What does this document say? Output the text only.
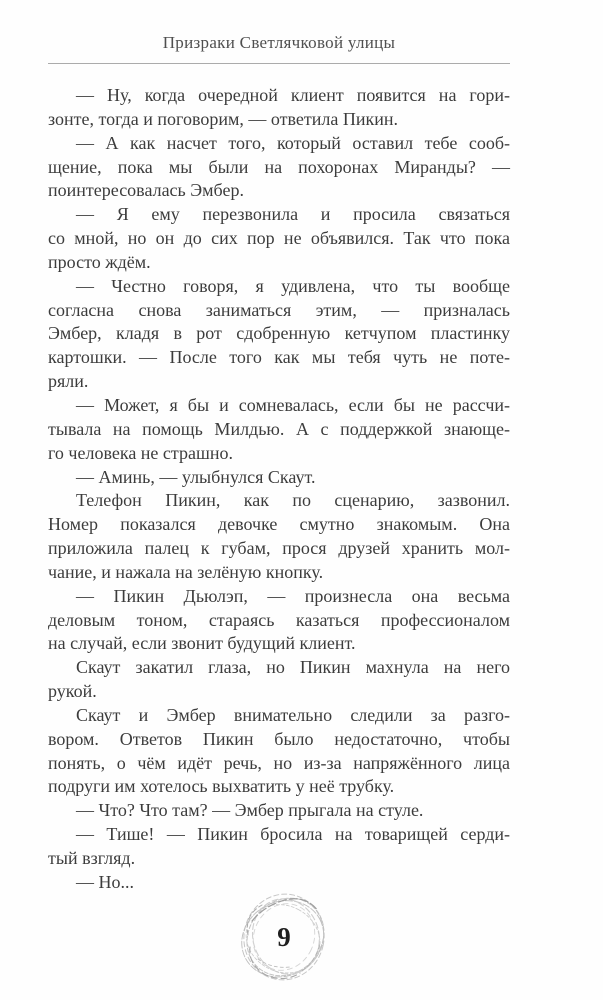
Призраки Светлячковой улицы
— Ну, когда очередной клиент появится на гори-
зонте, тогда и поговорим, — ответила Пикин.
— А как насчет того, который оставил тебе сооб-
щение, пока мы были на похоронах Миранды? —
поинтересовалась Эмбер.
— Я ему перезвонила и просила связаться
со мной, но он до сих пор не объявился. Так что пока
просто ждём.
— Честно говоря, я удивлена, что ты вообще
согласна снова заниматься этим, — призналась
Эмбер, кладя в рот сдобренную кетчупом пластинку
картошки. — После того как мы тебя чуть не поте-
ряли.
— Может, я бы и сомневалась, если бы не рассчи-
тывала на помощь Милдью. А с поддержкой знающе-
го человека не страшно.
— Аминь, — улыбнулся Скаут.
Телефон Пикин, как по сценарию, зазвонил.
Номер показался девочке смутно знакомым. Она
приложила палец к губам, прося друзей хранить мол-
чание, и нажала на зелёную кнопку.
— Пикин Дьюлэп, — произнесла она весьма
деловым тоном, стараясь казаться профессионалом
на случай, если звонит будущий клиент.
Скаут закатил глаза, но Пикин махнула на него
рукой.
Скаут и Эмбер внимательно следили за разго-
вором. Ответов Пикин было недостаточно, чтобы
понять, о чём идёт речь, но из-за напряжённого лица
подруги им хотелось выхватить у неё трубку.
— Что? Что там? — Эмбер прыгала на стуле.
— Тише! — Пикин бросила на товарищей серди-
тый взгляд.
— Но...
9
